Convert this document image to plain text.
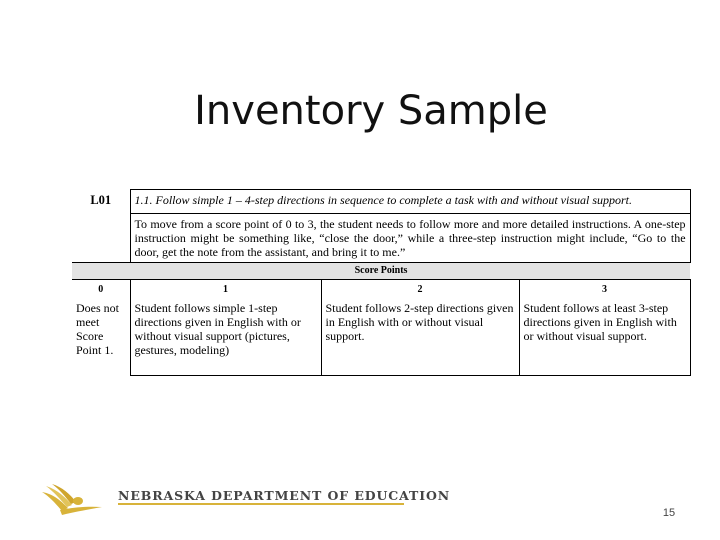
Inventory Sample
L01	1.1. Follow simple 1 – 4-step directions in sequence to complete a task with and without visual support.		
	To move from a score point of 0 to 3, the student needs to follow more and more detailed instructions. A one-step instruction might be something like, “close the door,” while a three-step instruction might include, “Go to the door, get the note from the assistant, and bring it to me.”		
Score Points			
0	1	2	3
Does not meet Score Point 1.	Student follows simple 1-step directions given in English with or without visual support (pictures, gestures, modeling)	Student follows 2-step directions given in English with or without visual support.	Student follows at least 3-step directions given in English with or without visual support.
NEBRASKA DEPARTMENT OF EDUCATION
15
